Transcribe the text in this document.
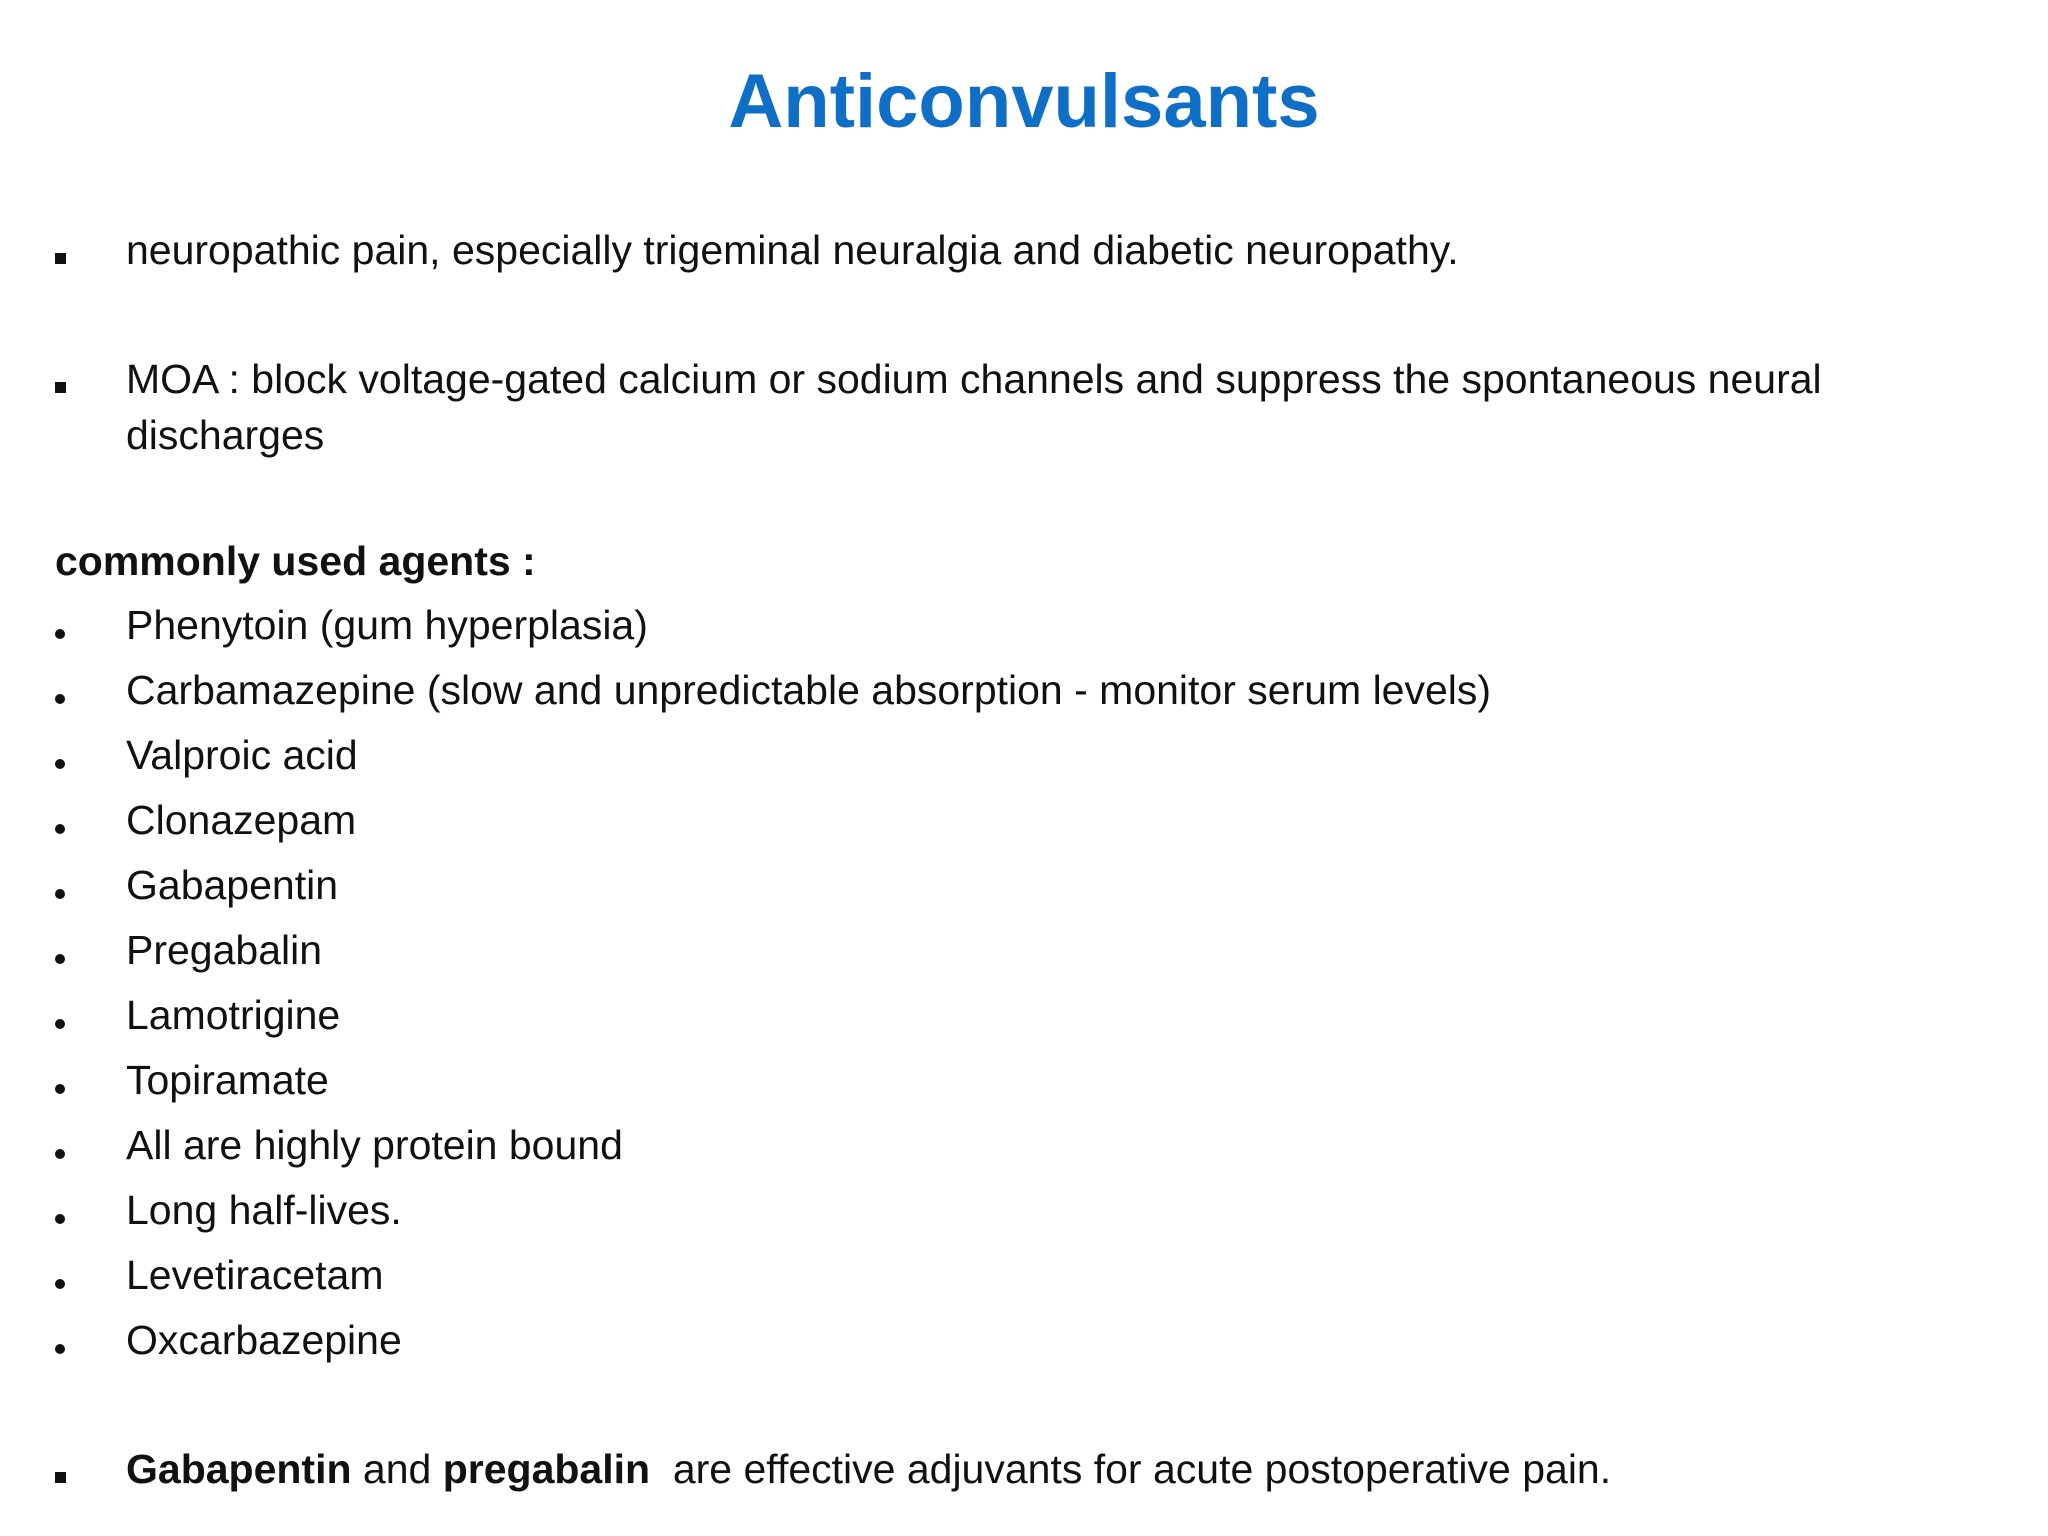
Anticonvulsants
neuropathic pain, especially trigeminal neuralgia and diabetic neuropathy.
MOA : block voltage-gated calcium or sodium channels and suppress the spontaneous neural
discharges
commonly used agents :
Phenytoin (gum hyperplasia)
Carbamazepine (slow and unpredictable absorption - monitor serum levels)
Valproic acid
Clonazepam
Gabapentin
Pregabalin
Lamotrigine
Topiramate
All are highly protein bound
Long half-lives.
Levetiracetam
Oxcarbazepine
Gabapentin and pregabalin  are effective adjuvants for acute postoperative pain.
